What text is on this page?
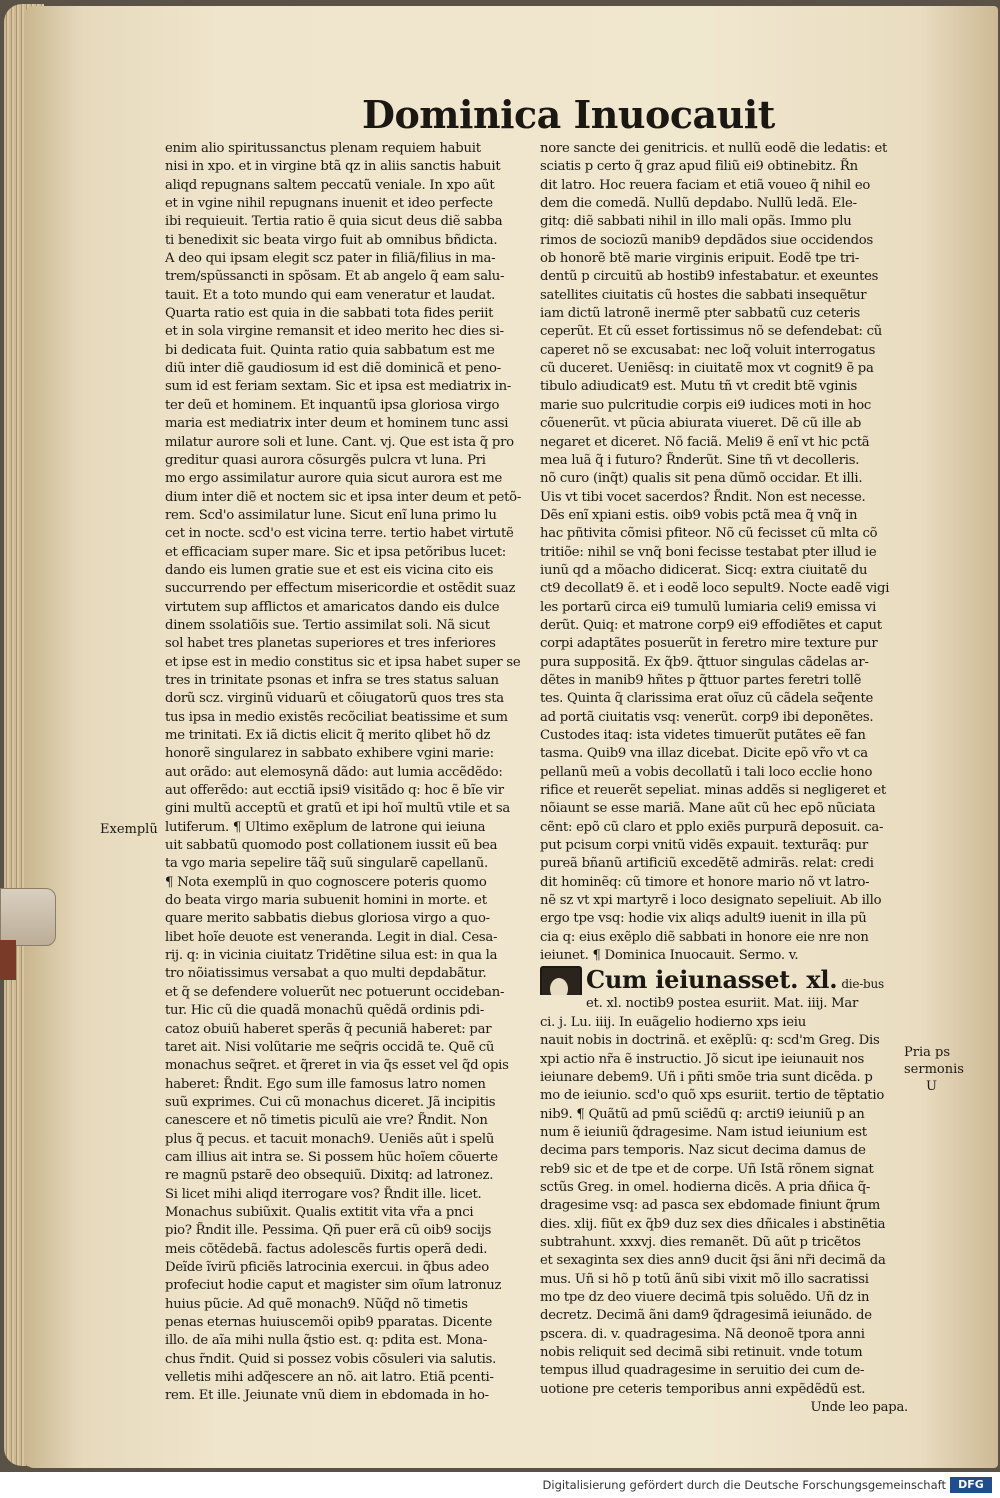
Dominica Inuocauit
enim alio spiritussanctus plenam requiem habuit
nisi in xpo. et in virgine btã qz in aliis sanctis habuit
aliqd repugnans saltem peccatũ veniale. In xpo aũt
et in vgine nihil repugnans inuenit et ideo perfecte
ibi requieuit. Tertia ratio ẽ quia sicut deus diẽ sabba
ti benedixit sic beata virgo fuit ab omnibus bñdicta.
A deo qui ipsam elegit scz pater in filiã/filius in ma-
trem/spũssancti in spõsam. Et ab angelo q̃ eam salu-
tauit. Et a toto mundo qui eam veneratur et laudat.
Quarta ratio est quia in die sabbati tota fides periit
et in sola virgine remansit et ideo merito hec dies si-
bi dedicata fuit. Quinta ratio quia sabbatum est me
diũ inter diẽ gaudiosum id est diẽ dominicã et peno-
sum id est feriam sextam. Sic et ipsa est mediatrix in-
ter deũ et hominem. Et inquantũ ipsa gloriosa virgo
maria est mediatrix inter deum et hominem tunc assi
milatur aurore soli et lune. Cant. vj. Que est ista q̃ pro
greditur quasi aurora cõsurgẽs pulcra vt luna. Pri
mo ergo assimilatur aurore quia sicut aurora est me
dium inter diẽ et noctem sic et ipsa inter deum et petõ-
rem. Scd'o assimilatur lune. Sicut enĩ luna primo lu
cet in nocte. scd'o est vicina terre. tertio habet virtutẽ
et efficaciam super mare. Sic et ipsa petõribus lucet:
dando eis lumen gratie sue et est eis vicina cito eis
succurrendo per effectum misericordie et ostẽdit suaz
virtutem sup afflictos et amaricatos dando eis dulce
dinem ssolatiõis sue. Tertio assimilat soli. Nã sicut
sol habet tres planetas superiores et tres inferiores
et ipse est in medio constitus sic et ipsa habet super se
tres in trinitate psonas et infra se tres status saluan
dorũ scz. virginũ viduarũ et cõiugatorũ quos tres sta
tus ipsa in medio existẽs recõciliat beatissime et sum
me trinitati. Ex iã dictis elicit q̃ merito qlibet hõ dz
honorẽ singularez in sabbato exhibere vgini marie:
aut orãdo: aut elemosynã dãdo: aut lumia accẽdẽdo:
aut offerẽdo: aut ecctiã ipsi9 visitãdo q: hoc ẽ bĩe vir
gini multũ acceptũ et gratũ et ipi hoĩ multũ vtile et sa
lutiferum. ¶ Ultimo exẽplum de latrone qui ieiuna
uit sabbatũ quomodo post collationem iussit eũ bea
ta vgo maria sepelire tãq̃ suũ singularẽ capellanũ.
¶ Nota exemplũ in quo cognoscere poteris quomo
do beata virgo maria subuenit homini in morte. et
quare merito sabbatis diebus gloriosa virgo a quo-
libet hoĩe deuote est veneranda. Legit in dial. Cesa-
rij. q: in vicinia ciuitatz Tridẽtine silua est: in qua la
tro nõiatissimus versabat a quo multi depdabãtur.
et q̃ se defendere voluerũt nec potuerunt occideban-
tur. Hic cũ die quadã monachũ quẽdã ordinis pdi-
catoz obuiũ haberet sperãs q̃ pecuniã haberet: par
taret ait. Nisi volũtarie me seq̃ris occidã te. Quẽ cũ
monachus seq̃ret. et q̃reret in via q̃s esset vel q̃d opis
haberet: R̃ndit. Ego sum ille famosus latro nomen
suũ exprimes. Cui cũ monachus diceret. Jã incipitis
canescere et nõ timetis piculũ aie vre? R̃ndit. Non
plus q̃ pecus. et tacuit monach9. Ueniẽs aũt i spelũ
cam illius ait intra se. Si possem hũc hoĩem cõuerte
re magnũ pstarẽ deo obsequiũ. Dixitq: ad latronez.
Si licet mihi aliqd iterrogare vos? R̃ndit ille. licet.
Monachus subiũxit. Qualis extitit vita vr̃a a pnci
pio? R̃ndit ille. Pessima. Qñ puer erã cũ oib9 socijs
meis cõtẽdebã. factus adolescẽs furtis operã dedi.
Deĩde ĩvirũ pficiẽs latrocinia exercui. in q̃bus adeo
profeciut hodie caput et magister sim oĩum latronuz
huius pũcie. Ad quẽ monach9. Nũq̃d nõ timetis
penas eternas huiuscemõi opib9 pparatas. Dicente
illo. de aĩa mihi nulla q̃stio est. q: pdita est. Mona-
chus r̃ndit. Quid si possez vobis cõsuleri via salutis.
velletis mihi adq̃escere an nõ. ait latro. Etiã pcenti-
rem. Et ille. Jeiunate vnũ diem in ebdomada in ho-
nore sancte dei genitricis. et nullũ eodẽ die ledatis: et
sciatis p certo q̃ graz apud filiũ ei9 obtinebitz. R̃n
dit latro. Hoc reuera faciam et etiã voueo q̃ nihil eo
dem die comedã. Nullũ depdabo. Nullũ ledã. Ele-
gitq: diẽ sabbati nihil in illo mali opãs. Immo plu
rimos de sociozũ manib9 depdãdos siue occidendos
ob honorẽ btẽ marie virginis eripuit. Eodẽ tpe tri-
dentũ p circuitũ ab hostib9 infestabatur. et exeuntes
satellites ciuitatis cũ hostes die sabbati insequẽtur
iam dictũ latronẽ inermẽ pter sabbatũ cuz ceteris
ceperũt. Et cũ esset fortissimus nõ se defendebat: cũ
caperet nõ se excusabat: nec loq̃ voluit interrogatus
cũ duceret. Ueniẽsq: in ciuitatẽ mox vt cognit9 ẽ pa
tibulo adiudicat9 est. Mutu tñ vt credit btẽ vginis
marie suo pulcritudie corpis ei9 iudices moti in hoc
cõuenerũt. vt pũcia abiurata viueret. Dẽ cũ ille ab
negaret et diceret. Nõ faciã. Meli9 ẽ enĩ vt hic pctã
mea luã q̃ i futuro? R̃nderũt. Sine tñ vt decolleris.
nõ curo (inq̃t) qualis sit pena dũmõ occidar. Et illi.
Uis vt tibi vocet sacerdos? R̃ndit. Non est necesse.
Dẽs enĩ xpiani estis. oib9 vobis pctã mea q̃ vnq̃ in
hac pñtivita cõmisi pfiteor. Nõ cũ fecisset cũ mlta cõ
tritiõe: nihil se vnq̃ boni fecisse testabat pter illud ie
iunũ qd a mõacho didicerat. Sicq: extra ciuitatẽ du
ct9 decollat9 ẽ. et i eodẽ loco sepult9. Nocte eadẽ vigi
les portarũ circa ei9 tumulũ lumiaria celi9 emissa vi
derũt. Quiq: et matrone corp9 ei9 effodiẽtes et caput
corpi adaptãtes posuerũt in feretro mire texture pur
pura suppositã. Ex q̃b9. q̃ttuor singulas cãdelas ar-
dẽtes in manib9 hñtes p q̃ttuor partes feretri tollẽ
tes. Quinta q̃ clarissima erat oĩuz cũ cãdela seq̃ente
ad portã ciuitatis vsq: venerũt. corp9 ibi deponẽtes.
Custodes itaq: ista videtes timuerũt putãtes eẽ fan
tasma. Quib9 vna illaz dicebat. Dicite epõ vr̃o vt ca
pellanũ meũ a vobis decollatũ i tali loco ecclie hono
rifice et reuerẽt sepeliat. minas addẽs si negligeret et
nõiaunt se esse mariã. Mane aũt cũ hec epõ nũciata
cẽnt: epõ cũ claro et pplo exiẽs purpurã deposuit. ca-
put pcisum corpi vnitũ vidẽs expauit. texturãq: pur
pureã bñanũ artificiũ excedẽtẽ admirãs. relat: credi
dit hominẽq: cũ timore et honore mario nõ vt latro-
nẽ sz vt xpi martyrẽ i loco designato sepeliuit. Ab illo
ergo tpe vsq: hodie vix aliqs adult9 iuenit in illa pũ
cia q: eius exẽplo diẽ sabbati in honore eie nre non
ieiunet. ¶ Dominica Inuocauit. Sermo. v.
Cum ieiunasset. xl. die-bus
et. xl. noctib9 postea esuriit. Mat. iiij. Mar
ci. j. Lu. iiij. In euãgelio hodierno xps ieiu
nauit nobis in doctrinã. et exẽplũ: q: scd'm Greg. Dis
xpi actio nr̃a ẽ instructio. Jõ sicut ipe ieiunauit nos
ieiunare debem9. Uñ i pñti smõe tria sunt dicẽda. p
mo de ieiunio. scd'o quõ xps esuriit. tertio de tẽptatio
nib9. ¶ Quãtũ ad pmũ sciẽdũ q: arcti9 ieiuniũ p an
num ẽ ieiuniũ q̃dragesime. Nam istud ieiunium est
decima pars temporis. Naz sicut decima damus de
reb9 sic et de tpe et de corpe. Uñ Istã rõnem signat
sctũs Greg. in omel. hodierna dicẽs. A pria dñica q̃-
dragesime vsq: ad pasca sex ebdomade finiunt q̃rum
dies. xlij. fiũt ex q̃b9 duz sex dies dñicales i abstinẽtia
subtrahunt. xxxvj. dies remanẽt. Dũ aũt p tricẽtos
et sexaginta sex dies ann9 ducit q̃si ãni nr̃i decimã da
mus. Uñ si hõ p totũ ãnũ sibi vixit mõ illo sacratissi
mo tpe dz deo viuere decimã tpis soluẽdo. Uñ dz in
decretz. Decimã ãni dam9 q̃dragesimã ieiunãdo. de
pscera. di. v. quadragesima. Nã deonoẽ tpora anni
nobis reliquit sed decimã sibi retinuit. vnde totum
tempus illud quadragesime in seruitio dei cum de-
uotione pre ceteris temporibus anni expẽdẽdũ est.
Unde leo papa.
Exemplũ
Pria ps
sermonis
U
Digitalisierung gefördert durch die Deutsche Forschungsgemeinschaft	DFG
